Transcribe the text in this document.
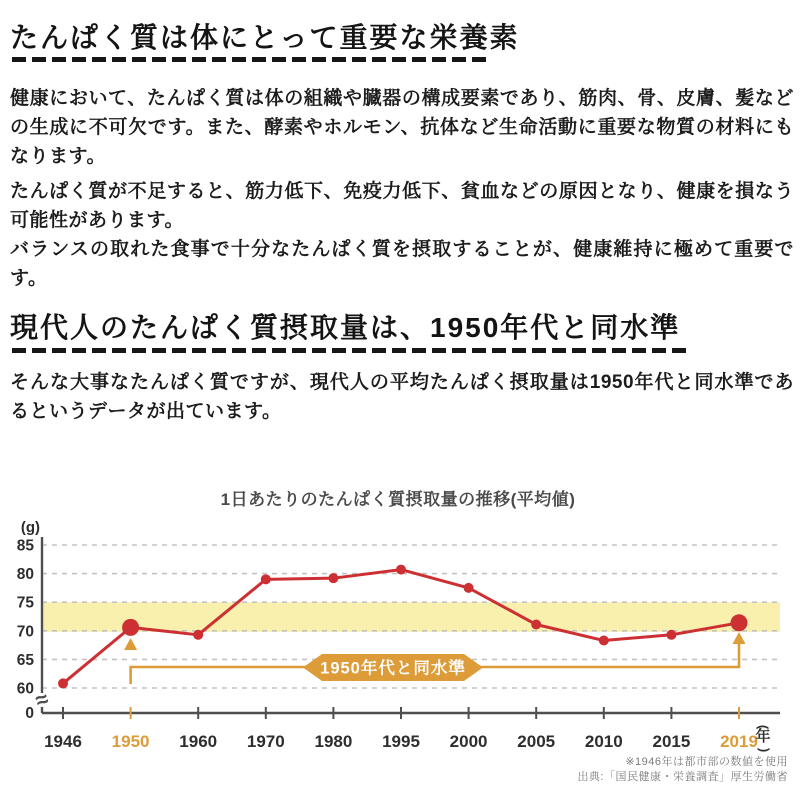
たんぱく質は体にとって重要な栄養素

健康において、たんぱく質は体の組織や臓器の構成要素であり、筋肉、骨、皮膚、髪などの生成に不可欠です。また、酵素やホルモン、抗体など生命活動に重要な物質の材料にもなります。

たんぱく質が不足すると、筋力低下、免疫力低下、貧血などの原因となり、健康を損なう可能性があります。

バランスの取れた食事で十分なたんぱく質を摂取することが、健康維持に極めて重要です。

現代人のたんぱく質摂取量は、1950年代と同水準

そんな大事なたんぱく質ですが、現代人の平均たんぱく摂取量は1950年代と同水準であるというデータが出ています。

60
65
70
75
80
85
0
≈
1946 1950 1960 1970 1980 1995 2000 2005 2010 2015 2019
年
(
)
1950年代と同水準
1日あたりのたんぱく質摂取量の推移(平均値)
(g)
※1946年は都市部の数値を使用
出典:「国民健康・栄養調査」厚生労働省
